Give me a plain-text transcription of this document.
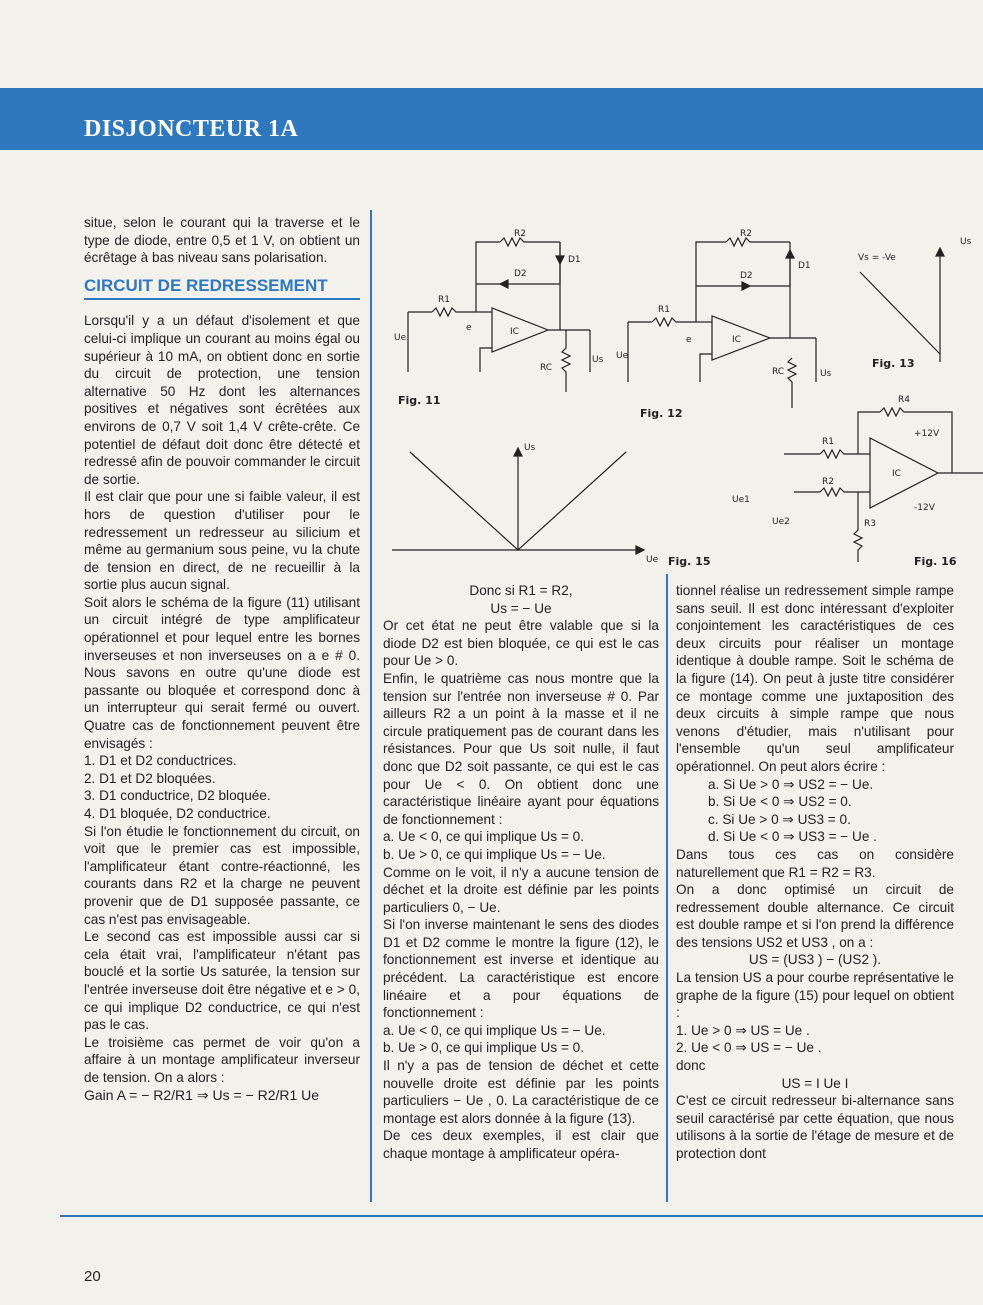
DISJONCTEUR 1A

situe, selon le courant qui la traverse et le type de diode, entre 0,5 et 1 V, on obtient un écrêtage à bas niveau sans polarisation.

CIRCUIT DE REDRESSEMENT

Lorsqu'il y a un défaut d'isolement et que celui-ci implique un courant au moins égal ou supérieur à 10 mA, on obtient donc en sortie du circuit de protection, une tension alternative 50 Hz dont les alternances positives et négatives sont écrêtées aux environs de 0,7 V soit 1,4 V crête-crête. Ce potentiel de défaut doit donc être détecté et redressé afin de pouvoir commander le circuit de sortie.

Il est clair que pour une si faible valeur, il est hors de question d'utiliser pour le redressement un redresseur au silicium et même au germanium sous peine, vu la chute de tension en direct, de ne recueillir à la sortie plus aucun signal.

Soit alors le schéma de la figure (11) utilisant un circuit intégré de type amplificateur opérationnel et pour lequel entre les bornes inverseuses et non inverseuses on a e # 0. Nous savons en outre qu'une diode est passante ou bloquée et correspond donc à un interrupteur qui serait fermé ou ouvert. Quatre cas de fonctionnement peuvent être envisagés :

1. D1 et D2 conductrices.

2. D1 et D2 bloquées.

3. D1 conductrice, D2 bloquée.

4. D1 bloquée, D2 conductrice.

Si l'on étudie le fonctionnement du circuit, on voit que le premier cas est impossible, l'amplificateur étant contre-réactionné, les courants dans R2 et la charge ne peuvent provenir que de D1 supposée passante, ce cas n'est pas envisageable.

Le second cas est impossible aussi car si cela était vrai, l'amplificateur n'étant pas bouclé et la sortie Us saturée, la tension sur l'entrée inverseuse doit être négative et e > 0, ce qui implique D2 conductrice, ce qui n'est pas le cas.

Le troisième cas permet de voir qu'on a affaire à un montage amplificateur inverseur de tension. On a alors :

Gain A = − R2/R1 ⇒ Us = − R2/R1 Ue

Donc si R1 = R2,

Us = − Ue

Or cet état ne peut être valable que si la diode D2 est bien bloquée, ce qui est le cas pour Ue > 0.

Enfin, le quatrième cas nous montre que la tension sur l'entrée non inverseuse # 0. Par ailleurs R2 a un point à la masse et il ne circule pratiquement pas de courant dans les résistances. Pour que Us soit nulle, il faut donc que D2 soit passante, ce qui est le cas pour Ue < 0. On obtient donc une caractéristique linéaire ayant pour équations de fonctionnement :

a. Ue < 0, ce qui implique Us = 0.

b. Ue > 0, ce qui implique Us = − Ue.

Comme on le voit, il n'y a aucune tension de déchet et la droite est définie par les points particuliers 0, − Ue.

Si l'on inverse maintenant le sens des diodes D1 et D2 comme le montre la figure (12), le fonctionnement est inverse et identique au précédent. La caractéristique est encore linéaire et a pour équations de fonctionnement :

a. Ue < 0, ce qui implique Us = − Ue.

b. Ue > 0, ce qui implique Us = 0.

Il n'y a pas de tension de déchet et cette nouvelle droite est définie par les points particuliers − Ue , 0. La caractéristique de ce montage est alors donnée à la figure (13).

De ces deux exemples, il est clair que chaque montage à amplificateur opéra-

tionnel réalise un redressement simple rampe sans seuil. Il est donc intéressant d'exploiter conjointement les caractéristiques de ces deux circuits pour réaliser un montage identique à double rampe. Soit le schéma de la figure (14). On peut à juste titre considérer ce montage comme une juxtaposition des deux circuits à simple rampe que nous venons d'étudier, mais n'utilisant pour l'ensemble qu'un seul amplificateur opérationnel. On peut alors écrire :

a. Si Ue > 0 ⇒ US2 = − Ue.

b. Si Ue < 0 ⇒ US2 = 0.

c. Si Ue > 0 ⇒ US3 = 0.

d. Si Ue < 0 ⇒ US3 = − Ue .

Dans tous ces cas on considère naturellement que R1 = R2 = R3.

On a donc optimisé un circuit de redressement double alternance. Ce circuit est double rampe et si l'on prend la différence des tensions US2 et US3 , on a :

US = (US3 ) − (US2 ).

La tension US a pour courbe représentative le graphe de la figure (15) pour lequel on obtient :

1. Ue > 0 ⇒ US = Ue .

2. Ue < 0 ⇒ US = − Ue .

donc

US = I Ue I

C'est ce circuit redresseur bi-alternance sans seuil caractérisé par cette équation, que nous utilisons à la sortie de l'étage de mesure et de protection dont

R2
R1
D2
D1
IC
RC
Ue
Us
e
R2
R1
D2
D1
IC
RC
Ue
Us
e
Vs = -Ve
Us
Us
Ue
R4
R1
R2
R3
IC
+12V
-12V
Ue1
Ue2
Fig. 11
Fig. 12
Fig. 13
Fig. 15	Fig. 16
20
